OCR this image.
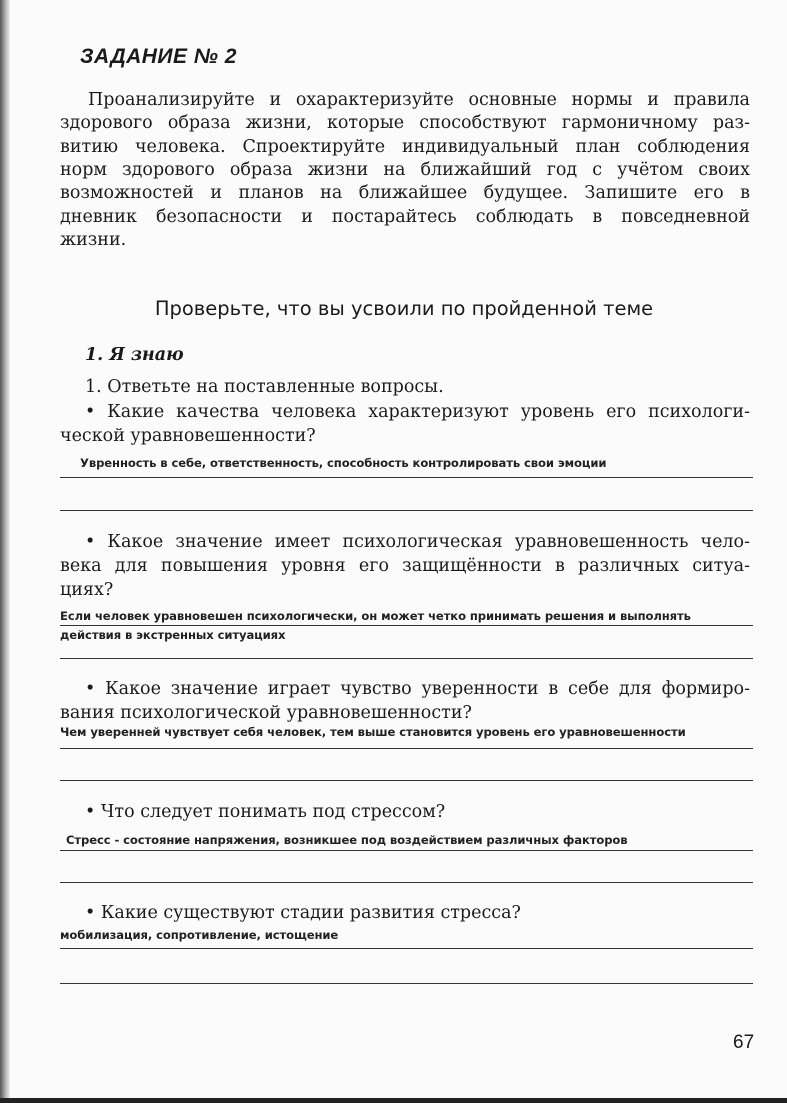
ЗАДАНИЕ № 2
Проанализируйте и охарактеризуйте основные нормы и правила
здорового образа жизни, которые способствуют гармоничному раз-
витию человека. Спроектируйте индивидуальный план соблюдения
норм здорового образа жизни на ближайший год с учётом своих
возможностей и планов на ближайшее будущее. Запишите его в
дневник безопасности и постарайтесь соблюдать в повседневной
жизни.
Проверьте, что вы усвоили по пройденной теме
1. Я знаю
1. Ответьте на поставленные вопросы.
• Какие качества человека характеризуют уровень его психологи-
ческой уравновешенности?
Увренность в себе, ответственность, способность контролировать свои эмоции
• Какое значение имеет психологическая уравновешенность чело-
века для повышения уровня его защищённости в различных ситуа-
циях?
Если человек уравновешен психологически, он может четко принимать решения и выполнять
действия в экстренных ситуациях
• Какое значение играет чувство уверенности в себе для формиро-
вания психологической уравновешенности?
Чем уверенней чувствует себя человек, тем выше становится уровень его уравновешенности
• Что следует понимать под стрессом?
Стресс - состояние напряжения, возникшее под воздействием различных факторов
• Какие существуют стадии развития стресса?
мобилизация, сопротивление, истощение
67
